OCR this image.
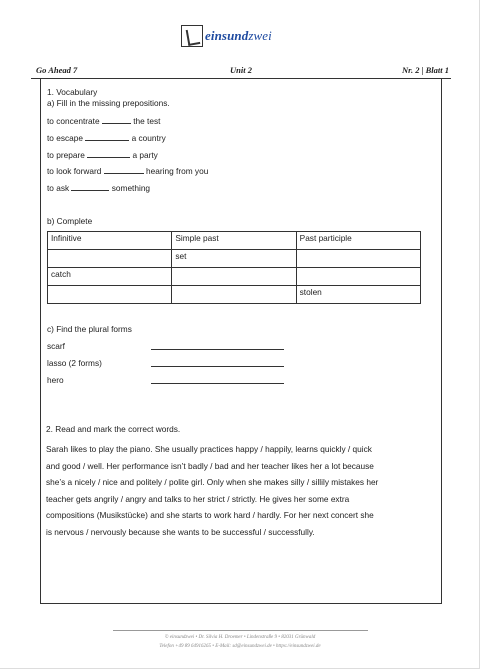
einsundzwei
Go Ahead 7	Unit 2	Nr. 2 | Blatt 1
1. Vocabulary
a) Fill in the missing prepositions.
to concentrate	the test
to escape	a country
to prepare	a party
to look forward	hearing from you
to ask	something
b) Complete
Infinitive	Simple past	Past participle
	set	
catch		
		stolen
c) Find the plural forms
scarf
lasso (2 forms)
hero
2. Read and mark the correct words.
Sarah likes to play the piano. She usually practices happy / happily, learns quickly / quick
and good / well. Her performance isn’t badly / bad and her teacher likes her a lot because
she’s a nicely / nice and politely / polite girl. Only when she makes silly / sillily mistakes her
teacher gets angrily / angry and talks to her strict / strictly. He gives her some extra
compositions (Musikstücke) and she starts to work hard / hardly. For her next concert she
is nervous / nervously because she wants to be successful / successfully.
© einsundzwei • Dr. Silvia H. Droemer • Lindenstraße 9 • 82031 Grünwald
Telefon +49 89 64916265 • E-Mail: sd@einsundzwei.de • https://einsundzwei.de
